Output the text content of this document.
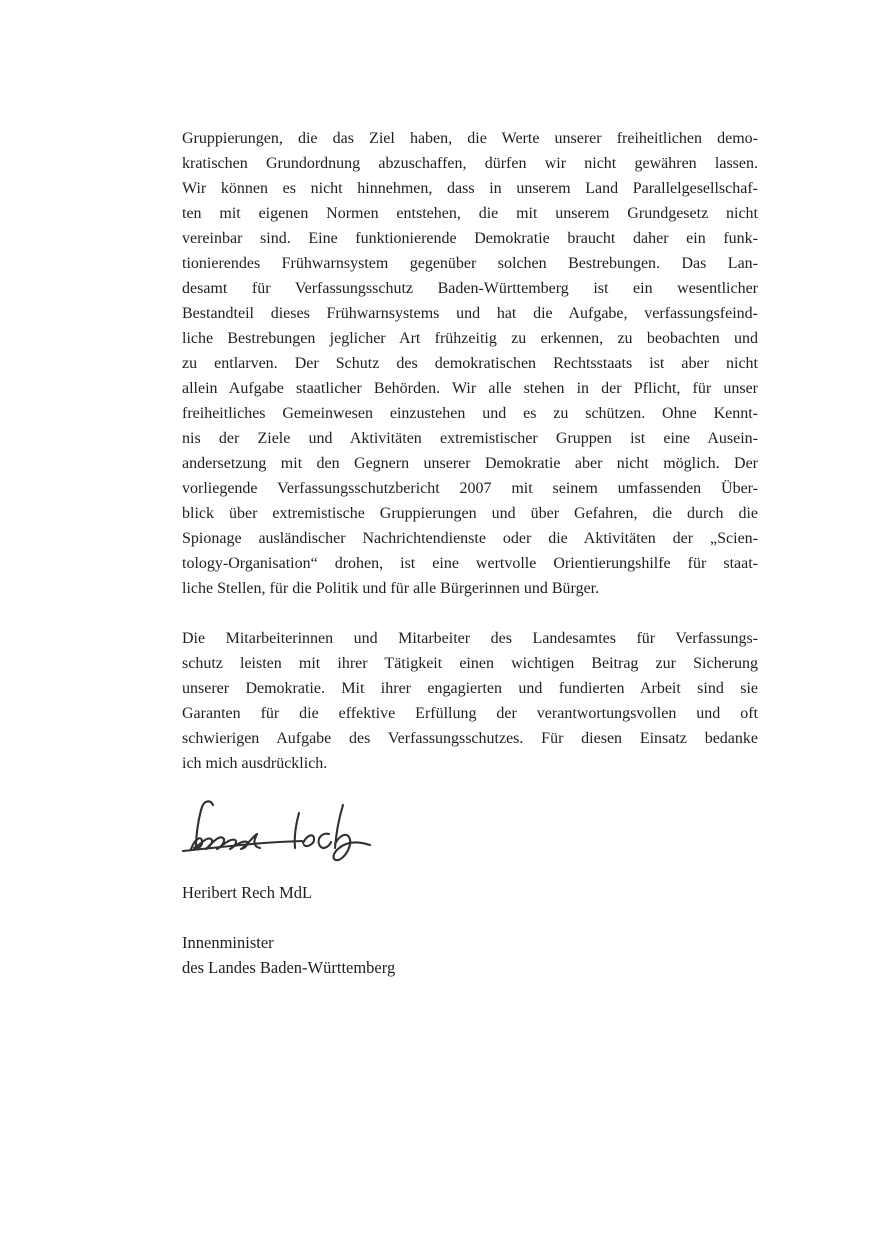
Gruppierungen, die das Ziel haben, die Werte unserer freiheitlichen demo-
kratischen Grundordnung abzuschaffen, dürfen wir nicht gewähren lassen.
Wir können es nicht hinnehmen, dass in unserem Land Parallelgesellschaf-
ten mit eigenen Normen entstehen, die mit unserem Grundgesetz nicht
vereinbar sind. Eine funktionierende Demokratie braucht daher ein funk-
tionierendes Frühwarnsystem gegenüber solchen Bestrebungen. Das Lan-
desamt für Verfassungsschutz Baden-Württemberg ist ein wesentlicher
Bestandteil dieses Frühwarnsystems und hat die Aufgabe, verfassungsfeind-
liche Bestrebungen jeglicher Art frühzeitig zu erkennen, zu beobachten und
zu entlarven. Der Schutz des demokratischen Rechtsstaats ist aber nicht
allein Aufgabe staatlicher Behörden. Wir alle stehen in der Pflicht, für unser
freiheitliches Gemeinwesen einzustehen und es zu schützen. Ohne Kennt-
nis der Ziele und Aktivitäten extremistischer Gruppen ist eine Ausein-
andersetzung mit den Gegnern unserer Demokratie aber nicht möglich. Der
vorliegende Verfassungsschutzbericht 2007 mit seinem umfassenden Über-
blick über extremistische Gruppierungen und über Gefahren, die durch die
Spionage ausländischer Nachrichtendienste oder die Aktivitäten der „Scien-
tology-Organisation“ drohen, ist eine wertvolle Orientierungshilfe für staat-
liche Stellen, für die Politik und für alle Bürgerinnen und Bürger.
Die Mitarbeiterinnen und Mitarbeiter des Landesamtes für Verfassungs-
schutz leisten mit ihrer Tätigkeit einen wichtigen Beitrag zur Sicherung
unserer Demokratie. Mit ihrer engagierten und fundierten Arbeit sind sie
Garanten für die effektive Erfüllung der verantwortungsvollen und oft
schwierigen Aufgabe des Verfassungsschutzes. Für diesen Einsatz bedanke
ich mich ausdrücklich.
Heribert Rech MdL
Innenminister
des Landes Baden-Württemberg
